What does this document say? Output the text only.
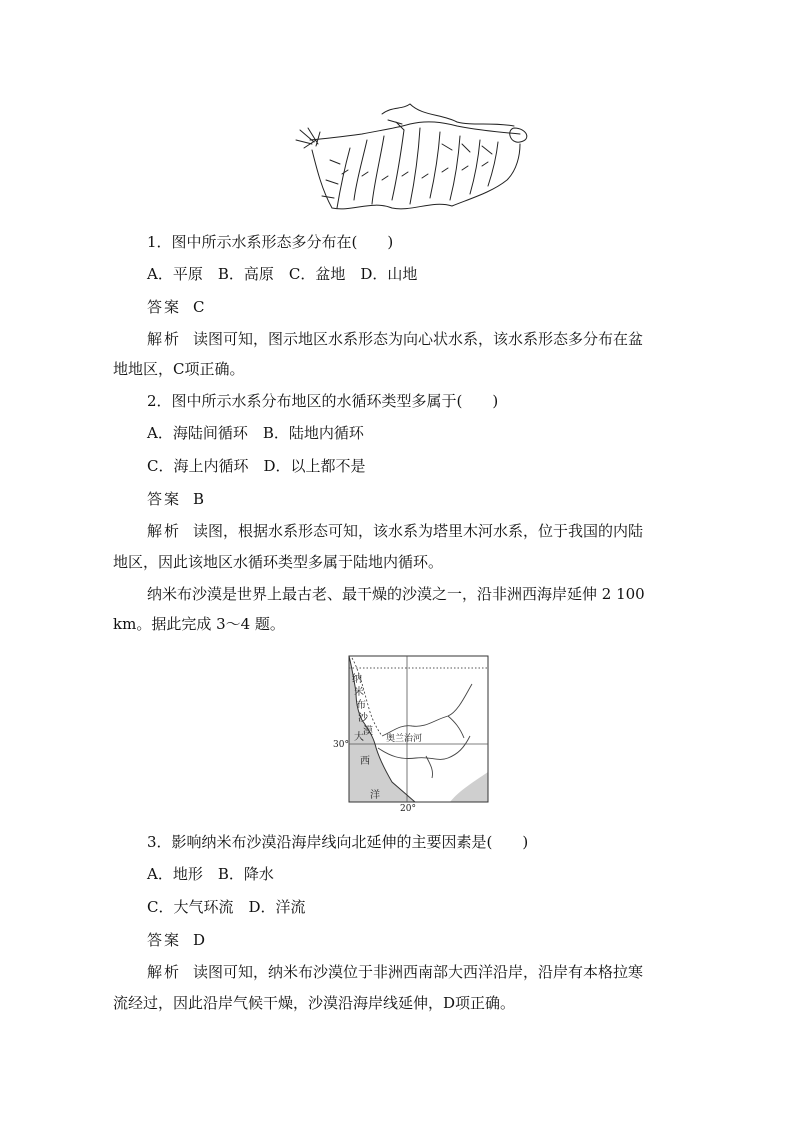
1．图中所示水系形态多分布在(　　)
A．平原　B．高原　C．盆地　D．山地
答案 C
解析 读图可知，图示地区水系形态为向心状水系，该水系形态多分布在盆
地地区，C项正确。
2．图中所示水系分布地区的水循环类型多属于(　　)
A．海陆间循环　B．陆地内循环
C．海上内循环　D．以上都不是
答案 B
解析 读图，根据水系形态可知，该水系为塔里木河水系，位于我国的内陆
地区，因此该地区水循环类型多属于陆地内循环。
纳米布沙漠是世界上最古老、最干燥的沙漠之一，沿非洲西海岸延伸 2 100
km。据此完成 3～4 题。
纳
米
布
沙
漠
奥兰治河
大
西
洋
30°
20°
3．影响纳米布沙漠沿海岸线向北延伸的主要因素是(　　)
A．地形　B．降水
C．大气环流　D．洋流
答案 D
解析 读图可知，纳米布沙漠位于非洲西南部大西洋沿岸，沿岸有本格拉寒
流经过，因此沿岸气候干燥，沙漠沿海岸线延伸，D项正确。
